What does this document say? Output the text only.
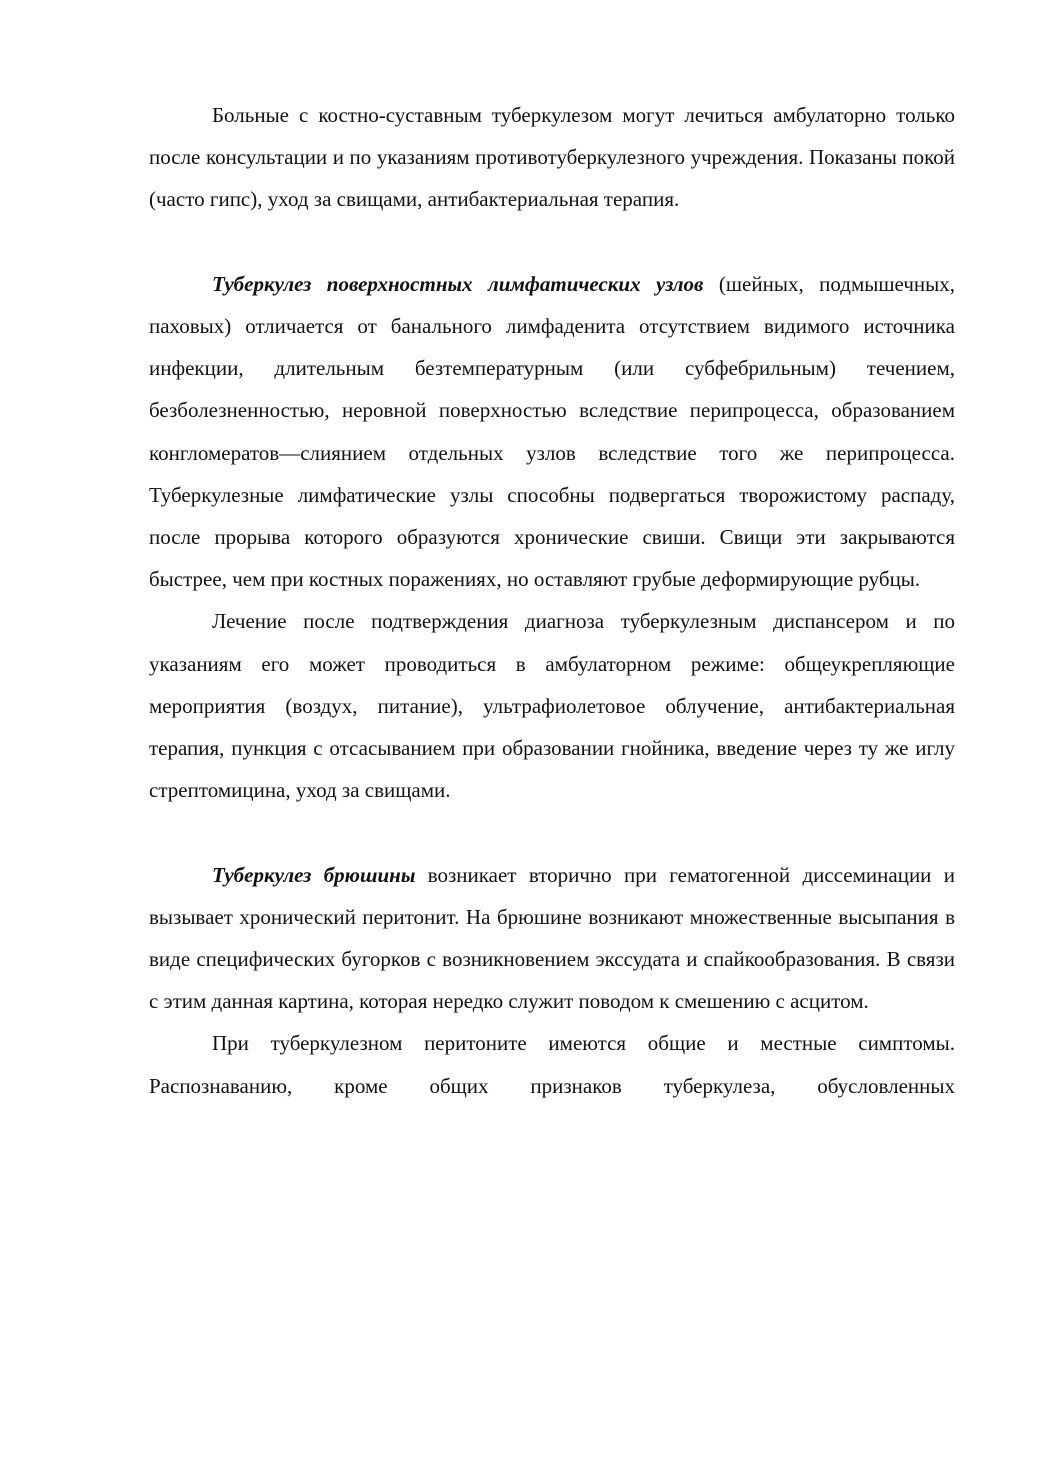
Больные с костно-суставным туберкулезом могут лечиться амбулаторно только после консультации и по указаниям противотуберкулезного учреждения. Показаны покой (часто гипс), уход за свищами, антибактериальная терапия.

Туберкулез поверхностных лимфатических узлов (шейных, подмышечных, паховых) отличается от банального лимфаденита отсутствием видимого источника инфекции, длительным безтемпературным (или субфебрильным) течением, безболезненностью, неровной поверхностью вследствие перипроцесса, образованием конгломератов—слиянием отдельных узлов вследствие того же перипроцесса. Туберкулезные лимфатические узлы способны подвергаться творожистому распаду, после прорыва которого образуются хронические свиши. Свищи эти закрываются быстрее, чем при костных поражениях, но оставляют грубые деформирующие рубцы.

Лечение после подтверждения диагноза туберкулезным диспансером и по указаниям его может проводиться в амбулаторном режиме: общеукрепляющие мероприятия (воздух, питание), ультрафиолетовое облучение, антибактериальная терапия, пункция с отсасыванием при образовании гнойника, введение через ту же иглу стрептомицина, уход за свищами.

Туберкулез брюшины возникает вторично при гематогенной диссеминации и вызывает хронический перитонит. На брюшине возникают множественные высыпания в виде специфических бугорков с возникновением экссудата и спайкообразования. В связи с этим данная картина, которая нередко служит поводом к смешению с асцитом.

При туберкулезном перитоните имеются общие и местные симптомы. Распознаванию, кроме общих признаков туберкулеза, обусловленных
